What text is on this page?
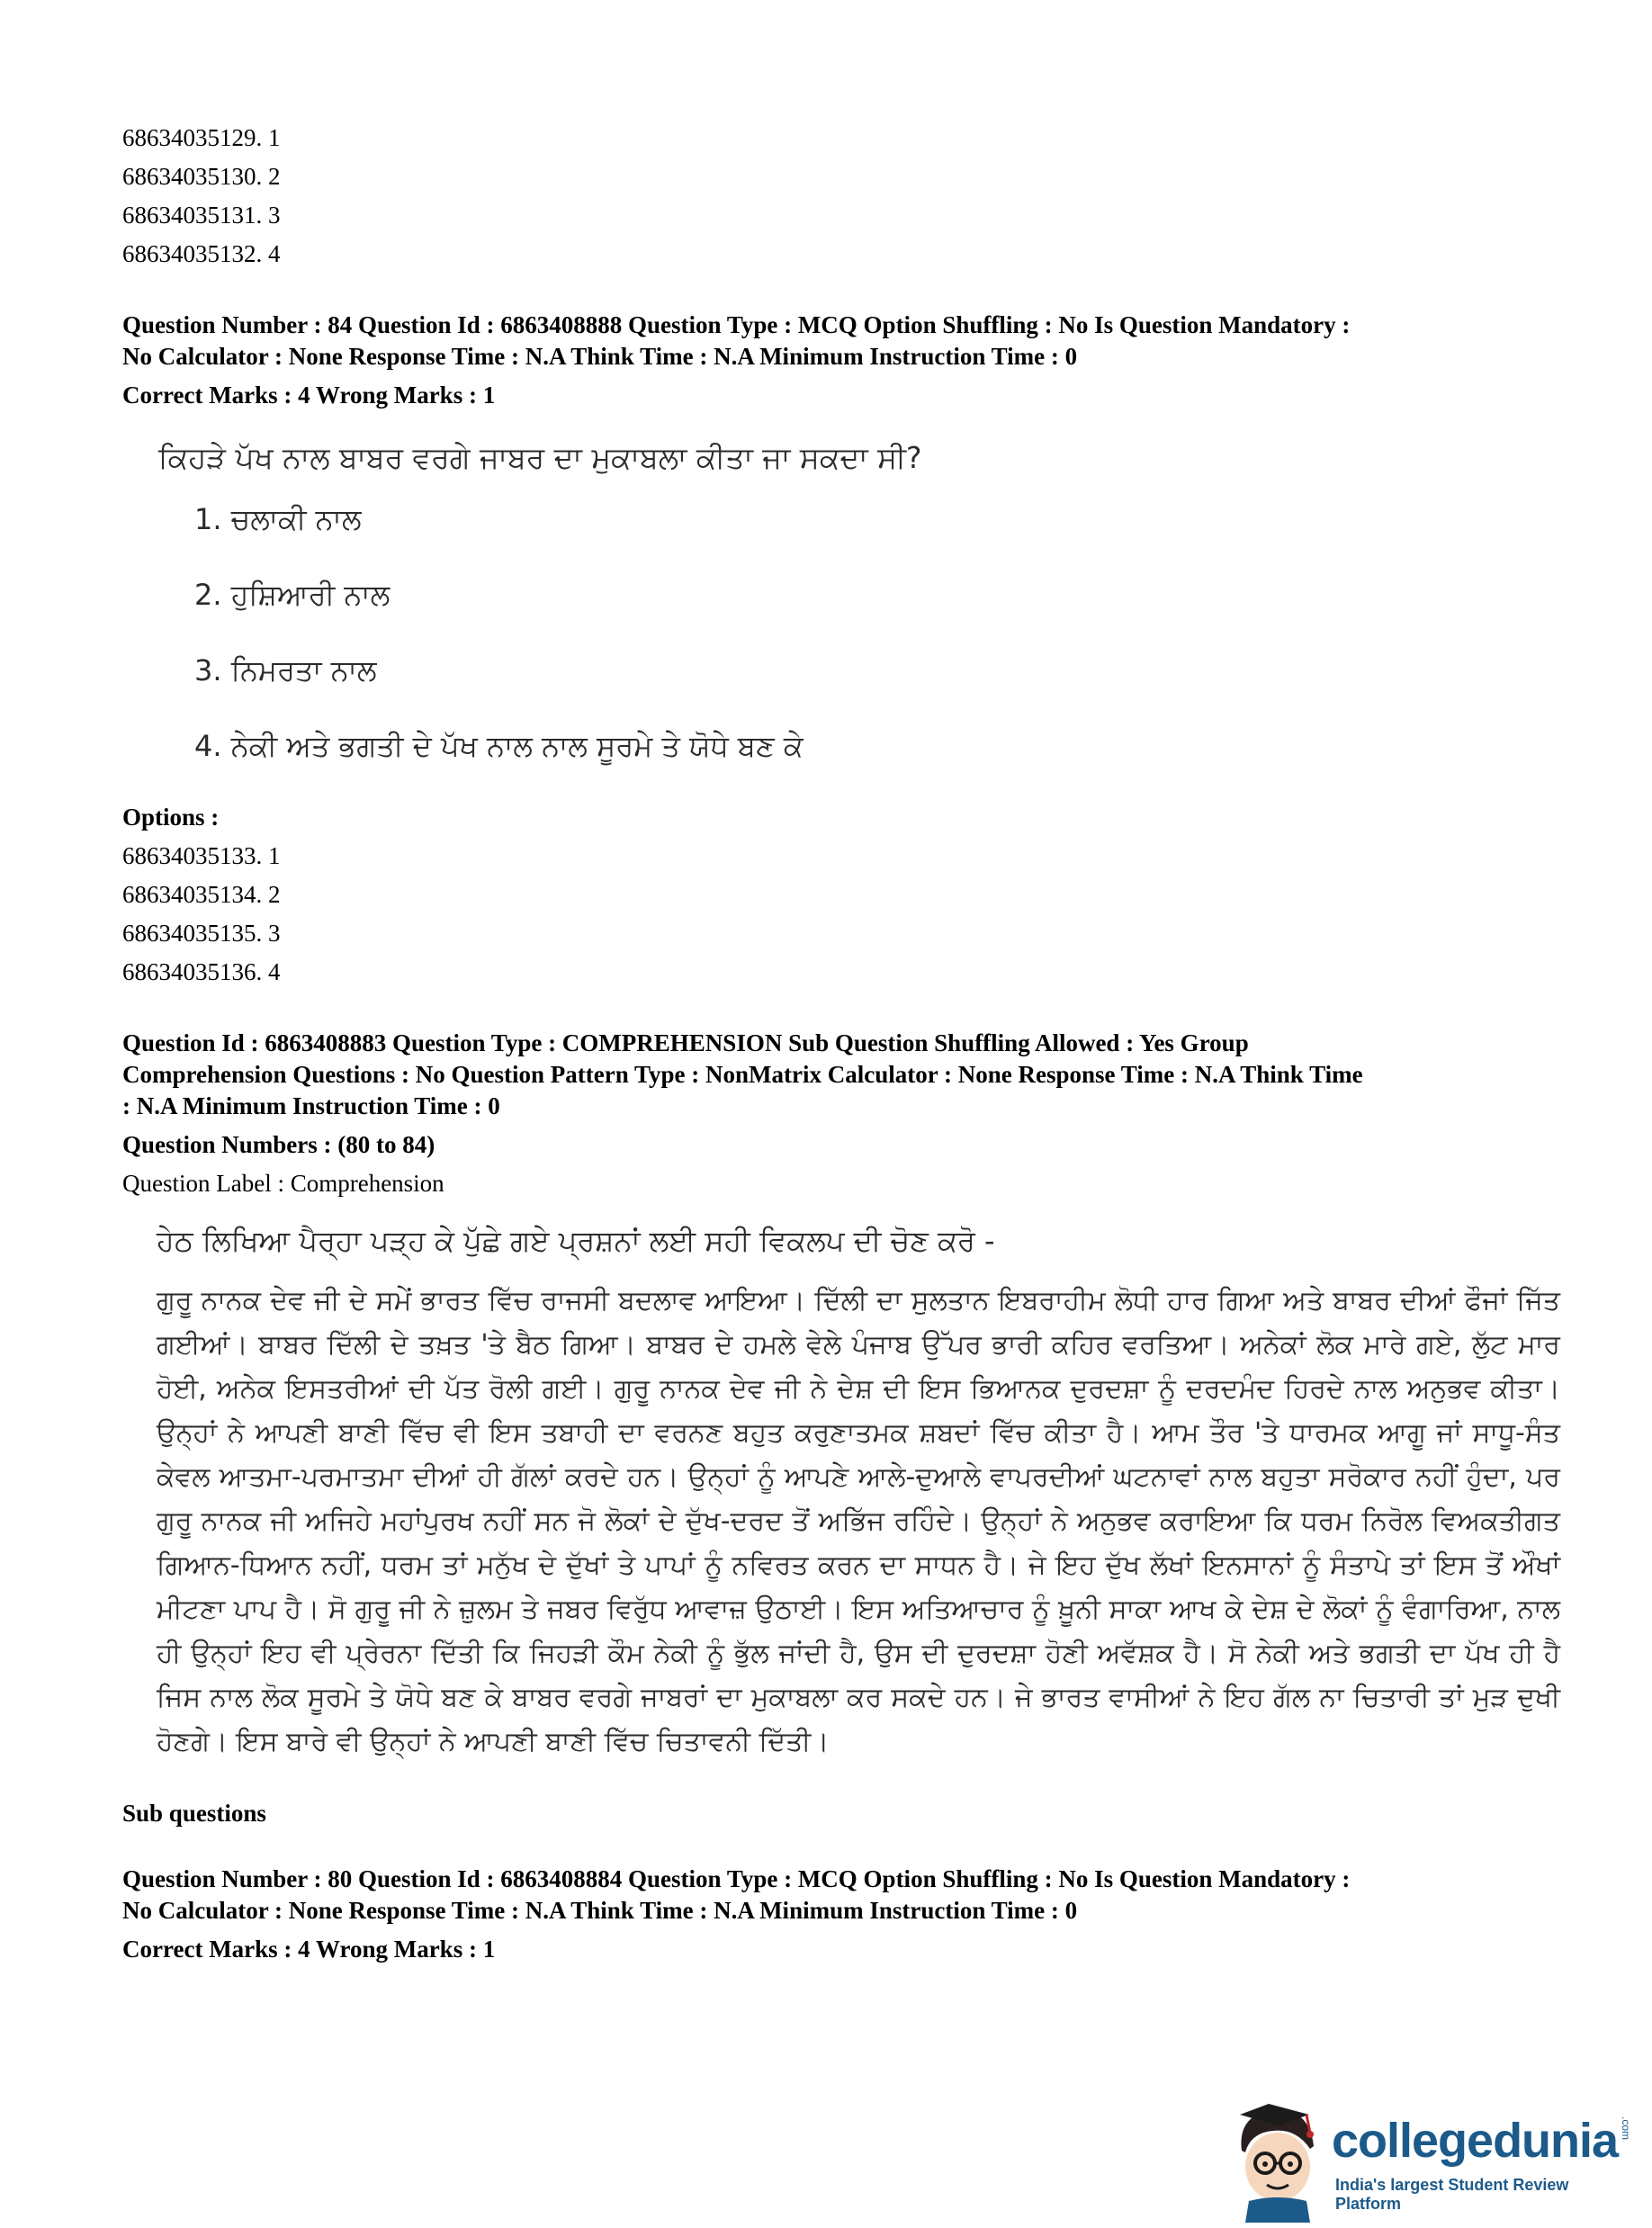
68634035129. 1

68634035130. 2

68634035131. 3

68634035132. 4

Question Number : 84 Question Id : 6863408888 Question Type : MCQ Option Shuffling : No Is Question Mandatory :

No Calculator : None Response Time : N.A Think Time : N.A Minimum Instruction Time : 0

Correct Marks : 4 Wrong Marks : 1

ਕਿਹੜੇ ਪੱਖ ਨਾਲ ਬਾਬਰ ਵਰਗੇ ਜਾਬਰ ਦਾ ਮੁਕਾਬਲਾ ਕੀਤਾ ਜਾ ਸਕਦਾ ਸੀ?

1. ਚਲਾਕੀ ਨਾਲ
2. ਹੁਸ਼ਿਆਰੀ ਨਾਲ
3. ਨਿਮਰਤਾ ਨਾਲ
4. ਨੇਕੀ ਅਤੇ ਭਗਤੀ ਦੇ ਪੱਖ ਨਾਲ ਨਾਲ ਸੂਰਮੇ ਤੇ ਯੋਧੇ ਬਣ ਕੇ

Options :

68634035133. 1

68634035134. 2

68634035135. 3

68634035136. 4

Question Id : 6863408883 Question Type : COMPREHENSION Sub Question Shuffling Allowed : Yes Group

Comprehension Questions : No Question Pattern Type : NonMatrix Calculator : None Response Time : N.A Think Time

: N.A Minimum Instruction Time : 0

Question Numbers : (80 to 84)

Question Label : Comprehension

ਹੇਠ ਲਿਖਿਆ ਪੈਰ੍ਹਾ ਪੜ੍ਹ ਕੇ ਪੁੱਛੇ ਗਏ ਪ੍ਰਸ਼ਨਾਂ ਲਈ ਸਹੀ ਵਿਕਲਪ ਦੀ ਚੋਣ ਕਰੋ -

ਗੁਰੂ ਨਾਨਕ ਦੇਵ ਜੀ ਦੇ ਸਮੇਂ ਭਾਰਤ ਵਿੱਚ ਰਾਜਸੀ ਬਦਲਾਵ ਆਇਆ। ਦਿੱਲੀ ਦਾ ਸੁਲਤਾਨ ਇਬਰਾਹੀਮ ਲੋਧੀ ਹਾਰ ਗਿਆ ਅਤੇ ਬਾਬਰ ਦੀਆਂ ਫੌਜਾਂ ਜਿੱਤ ਗਈਆਂ। ਬਾਬਰ ਦਿੱਲੀ ਦੇ ਤਖ਼ਤ 'ਤੇ ਬੈਠ ਗਿਆ। ਬਾਬਰ ਦੇ ਹਮਲੇ ਵੇਲੇ ਪੰਜਾਬ ਉੱਪਰ ਭਾਰੀ ਕਹਿਰ ਵਰਤਿਆ। ਅਨੇਕਾਂ ਲੋਕ ਮਾਰੇ ਗਏ, ਲੁੱਟ ਮਾਰ ਹੋਈ, ਅਨੇਕ ਇਸਤਰੀਆਂ ਦੀ ਪੱਤ ਰੋਲੀ ਗਈ। ਗੁਰੂ ਨਾਨਕ ਦੇਵ ਜੀ ਨੇ ਦੇਸ਼ ਦੀ ਇਸ ਭਿਆਨਕ ਦੁਰਦਸ਼ਾ ਨੂੰ ਦਰਦਮੰਦ ਹਿਰਦੇ ਨਾਲ ਅਨੁਭਵ ਕੀਤਾ। ਉਨ੍ਹਾਂ ਨੇ ਆਪਣੀ ਬਾਣੀ ਵਿੱਚ ਵੀ ਇਸ ਤਬਾਹੀ ਦਾ ਵਰਨਣ ਬਹੁਤ ਕਰੁਣਾਤਮਕ ਸ਼ਬਦਾਂ ਵਿੱਚ ਕੀਤਾ ਹੈ। ਆਮ ਤੌਰ 'ਤੇ ਧਾਰਮਕ ਆਗੂ ਜਾਂ ਸਾਧੂ-ਸੰਤ ਕੇਵਲ ਆਤਮਾ-ਪਰਮਾਤਮਾ ਦੀਆਂ ਹੀ ਗੱਲਾਂ ਕਰਦੇ ਹਨ। ਉਨ੍ਹਾਂ ਨੂੰ ਆਪਣੇ ਆਲੇ-ਦੁਆਲੇ ਵਾਪਰਦੀਆਂ ਘਟਨਾਵਾਂ ਨਾਲ ਬਹੁਤਾ ਸਰੋਕਾਰ ਨਹੀਂ ਹੁੰਦਾ, ਪਰ ਗੁਰੂ ਨਾਨਕ ਜੀ ਅਜਿਹੇ ਮਹਾਂਪੁਰਖ ਨਹੀਂ ਸਨ ਜੋ ਲੋਕਾਂ ਦੇ ਦੁੱਖ-ਦਰਦ ਤੋਂ ਅਭਿੱਜ ਰਹਿੰਦੇ। ਉਨ੍ਹਾਂ ਨੇ ਅਨੁਭਵ ਕਰਾਇਆ ਕਿ ਧਰਮ ਨਿਰੋਲ ਵਿਅਕਤੀਗਤ ਗਿਆਨ-ਧਿਆਨ ਨਹੀਂ, ਧਰਮ ਤਾਂ ਮਨੁੱਖ ਦੇ ਦੁੱਖਾਂ ਤੇ ਪਾਪਾਂ ਨੂੰ ਨਵਿਰਤ ਕਰਨ ਦਾ ਸਾਧਨ ਹੈ। ਜੇ ਇਹ ਦੁੱਖ ਲੱਖਾਂ ਇਨਸਾਨਾਂ ਨੂੰ ਸੰਤਾਪੇ ਤਾਂ ਇਸ ਤੋਂ ਔਖਾਂ ਮੀਟਣਾ ਪਾਪ ਹੈ। ਸੋ ਗੁਰੂ ਜੀ ਨੇ ਜ਼ੁਲਮ ਤੇ ਜਬਰ ਵਿਰੁੱਧ ਆਵਾਜ਼ ਉਠਾਈ। ਇਸ ਅਤਿਆਚਾਰ ਨੂੰ ਖ਼ੂਨੀ ਸਾਕਾ ਆਖ ਕੇ ਦੇਸ਼ ਦੇ ਲੋਕਾਂ ਨੂੰ ਵੰਗਾਰਿਆ, ਨਾਲ ਹੀ ਉਨ੍ਹਾਂ ਇਹ ਵੀ ਪ੍ਰੇਰਨਾ ਦਿੱਤੀ ਕਿ ਜਿਹੜੀ ਕੌਮ ਨੇਕੀ ਨੂੰ ਭੁੱਲ ਜਾਂਦੀ ਹੈ, ਉਸ ਦੀ ਦੁਰਦਸ਼ਾ ਹੋਣੀ ਅਵੱਸ਼ਕ ਹੈ। ਸੋ ਨੇਕੀ ਅਤੇ ਭਗਤੀ ਦਾ ਪੱਖ ਹੀ ਹੈ ਜਿਸ ਨਾਲ ਲੋਕ ਸੂਰਮੇ ਤੇ ਯੋਧੇ ਬਣ ਕੇ ਬਾਬਰ ਵਰਗੇ ਜਾਬਰਾਂ ਦਾ ਮੁਕਾਬਲਾ ਕਰ ਸਕਦੇ ਹਨ। ਜੇ ਭਾਰਤ ਵਾਸੀਆਂ ਨੇ ਇਹ ਗੱਲ ਨਾ ਚਿਤਾਰੀ ਤਾਂ ਮੁੜ ਦੁਖੀ ਹੋਣਗੇ। ਇਸ ਬਾਰੇ ਵੀ ਉਨ੍ਹਾਂ ਨੇ ਆਪਣੀ ਬਾਣੀ ਵਿੱਚ ਚਿਤਾਵਨੀ ਦਿੱਤੀ।

Sub questions

Question Number : 80 Question Id : 6863408884 Question Type : MCQ Option Shuffling : No Is Question Mandatory :

No Calculator : None Response Time : N.A Think Time : N.A Minimum Instruction Time : 0

Correct Marks : 4 Wrong Marks : 1

collegedunia
India's largest Student Review Platform
.com
